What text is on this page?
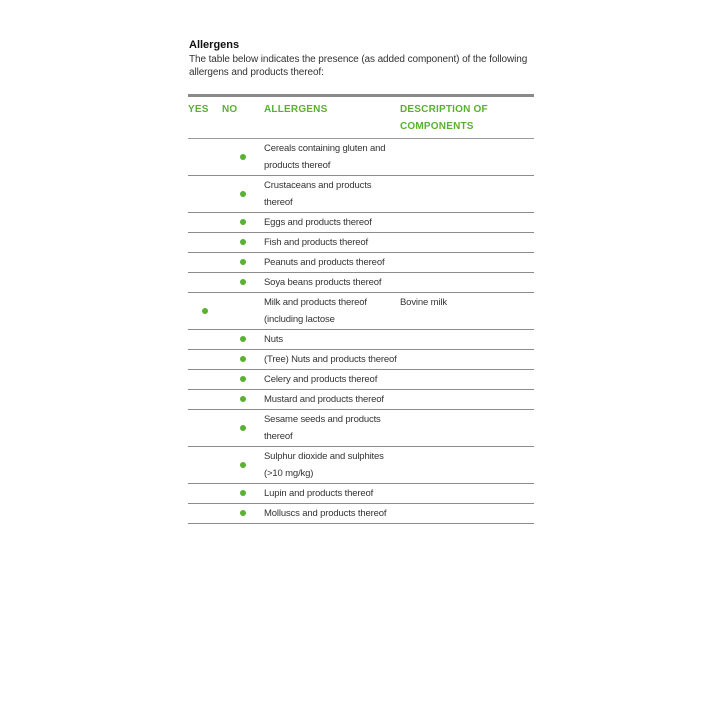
Allergens
The table below indicates the presence (as added component) of the following allergens and products thereof:
YES	NO	ALLERGENS	DESCRIPTION OF COMPONENTS
		Cereals containing gluten and products thereof	
		Crustaceans and products thereof	
		Eggs and products thereof	
		Fish and products thereof	
		Peanuts and products thereof	
		Soya beans products thereof	
		Milk and products thereof (including lactose	Bovine milk
		Nuts	
		(Tree) Nuts and products thereof	
		Celery and products thereof	
		Mustard and products thereof	
		Sesame seeds and products thereof	
		Sulphur dioxide and sulphites (>10 mg/kg)	
		Lupin and products thereof	
		Molluscs and products thereof	
